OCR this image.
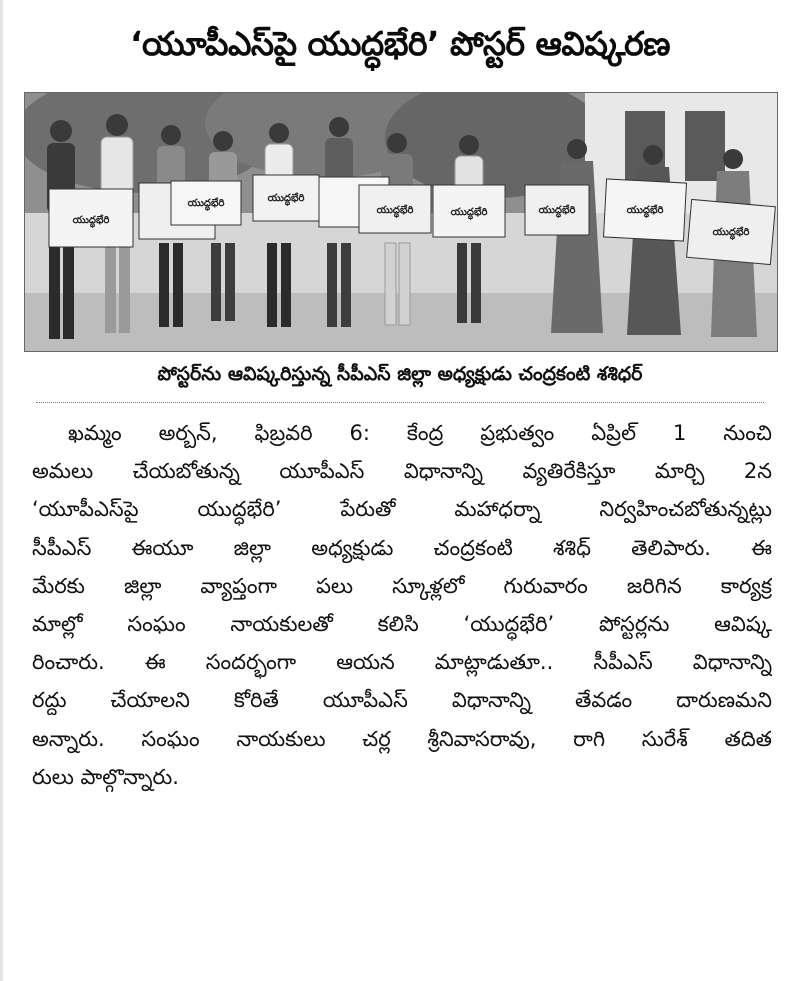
‘యూపీఎస్‌పై యుద్ధభేరి’ పోస్టర్‌ ఆవిష్కరణ
యుద్ధభేరి
యుద్ధభేరి	యుద్ధభేరి
యుద్ధభేరి	యుద్ధభేరి	యుద్ధభేరి	యుద్ధభేరి
యుద్ధభేరి

పోస్టర్‌ను ఆవిష్కరిస్తున్న సీపీఎస్‌ జిల్లా అధ్యక్షుడు చంద్రకంటి శశిధర్‌

ఖమ్మం అర్బన్‌, ఫిబ్రవరి 6: కేంద్ర ప్రభుత్వం ఏప్రిల్‌ 1 నుంచి
అమలు చేయబోతున్న యూపీఎస్‌ విధానాన్ని వ్యతిరేకిస్తూ మార్చి 2న
‘యూపీఎస్‌పై యుద్ధభేరి’ పేరుతో మహాధర్నా నిర్వహించబోతున్నట్లు
సీపీఎస్‌ ఈయూ జిల్లా అధ్యక్షుడు చంద్రకంటి శశిధ్‌ తెలిపారు. ఈ
మేరకు జిల్లా వ్యాప్తంగా పలు స్కూళ్లలో గురువారం జరిగిన కార్యక్ర
మాల్లో సంఘం నాయకులతో కలిసి ‘యుద్ధభేరి’ పోస్టర్లను ఆవిష్క
రించారు. ఈ సందర్భంగా ఆయన మాట్లాడుతూ.. సీపీఎస్‌ విధానాన్ని
రద్దు చేయాలని కోరితే యూపీఎస్‌ విధానాన్ని తేవడం దారుణమని
అన్నారు. సంఘం నాయకులు చర్ల శ్రీనివాసరావు, రాగి సురేశ్‌ తదిత
రులు పాల్గొన్నారు.
